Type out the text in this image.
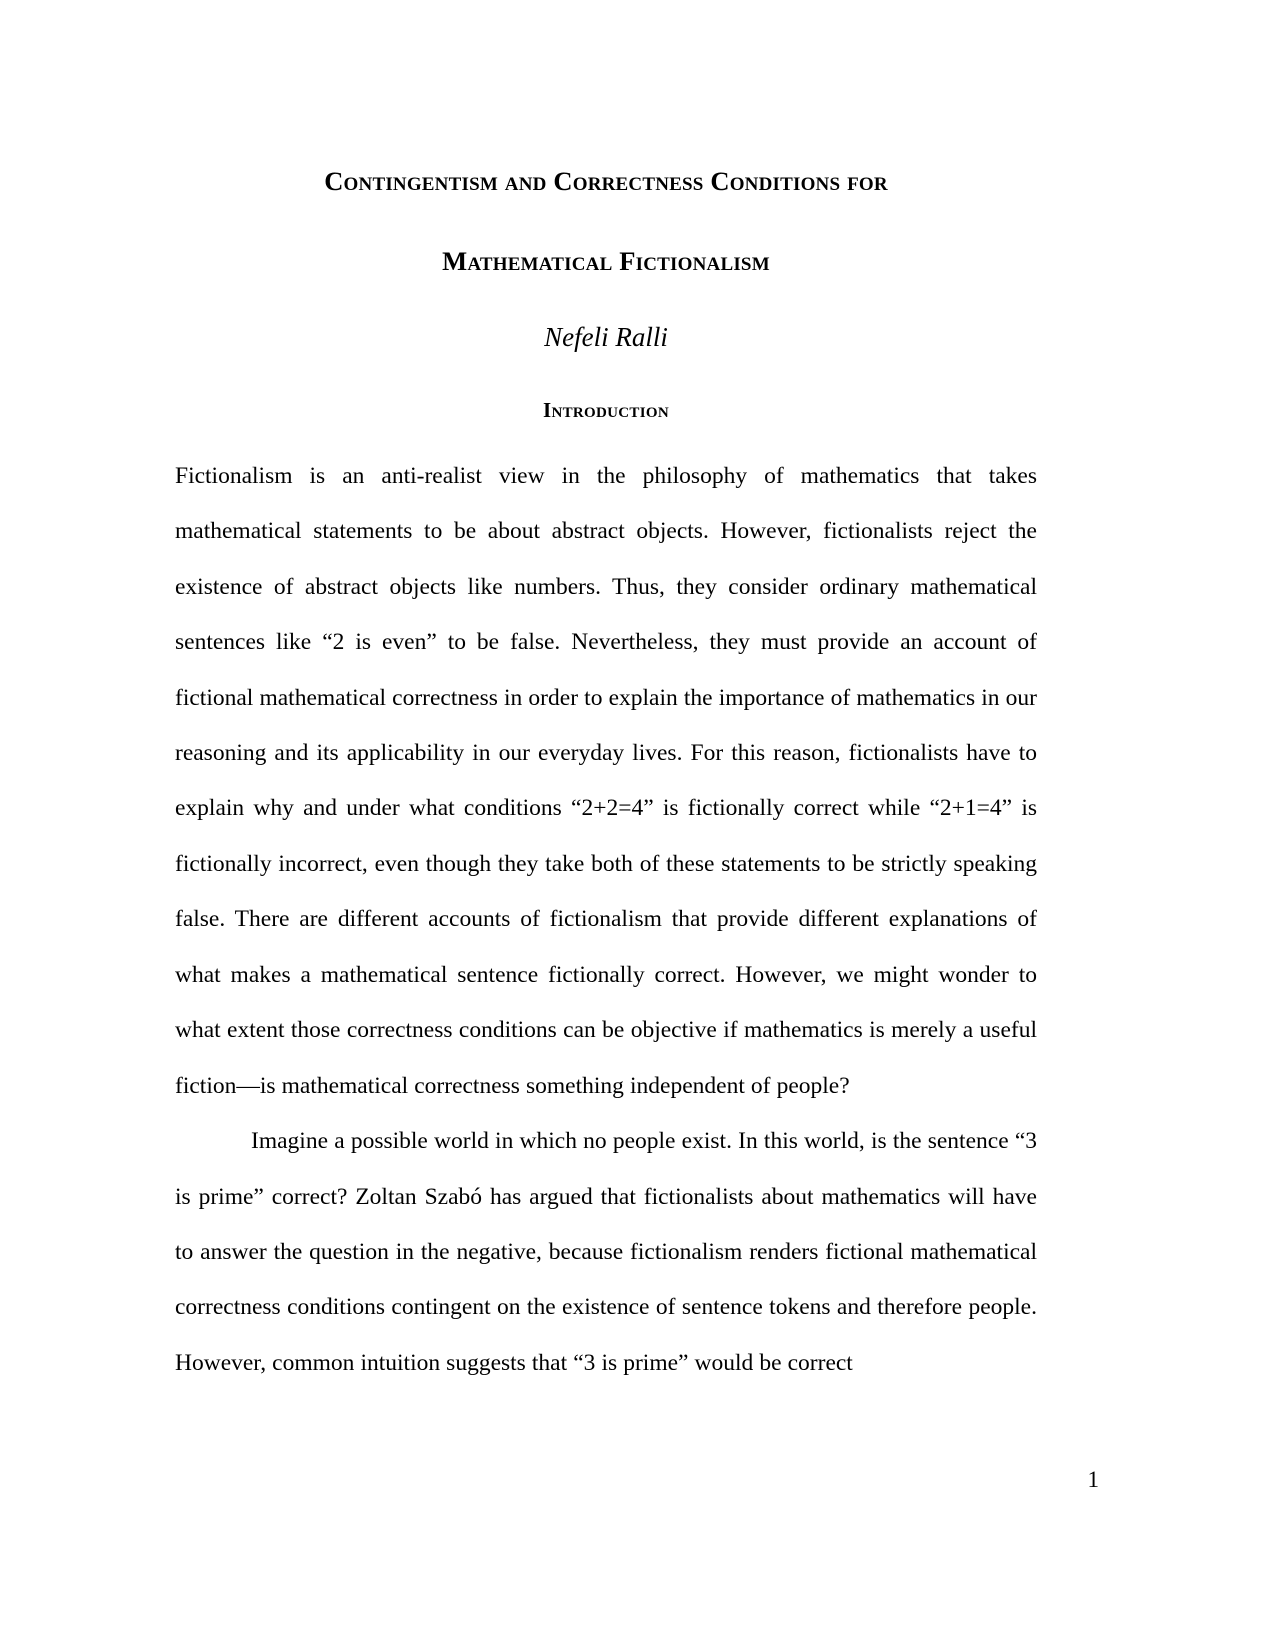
Contingentism and Correctness Conditions for
Mathematical Fictionalism
Nefeli Ralli
Introduction

Fictionalism is an anti-realist view in the philosophy of mathematics that takes mathematical statements to be about abstract objects. However, fictionalists reject the existence of abstract objects like numbers. Thus, they consider ordinary mathematical sentences like “2 is even” to be false. Nevertheless, they must provide an account of fictional mathematical correctness in order to explain the importance of mathematics in our reasoning and its applicability in our everyday lives. For this reason, fictionalists have to explain why and under what conditions “2+2=4” is fictionally correct while “2+1=4” is fictionally incorrect, even though they take both of these statements to be strictly speaking false. There are different accounts of fictionalism that provide different explanations of what makes a mathematical sentence fictionally correct. However, we might wonder to what extent those correctness conditions can be objective if mathematics is merely a useful fiction—is mathematical correctness something independent of people?

Imagine a possible world in which no people exist. In this world, is the sentence “3 is prime” correct? Zoltan Szabó has argued that fictionalists about mathematics will have to answer the question in the negative, because fictionalism renders fictional mathematical correctness conditions contingent on the existence of sentence tokens and therefore people. However, common intuition suggests that “3 is prime” would be correct

1
